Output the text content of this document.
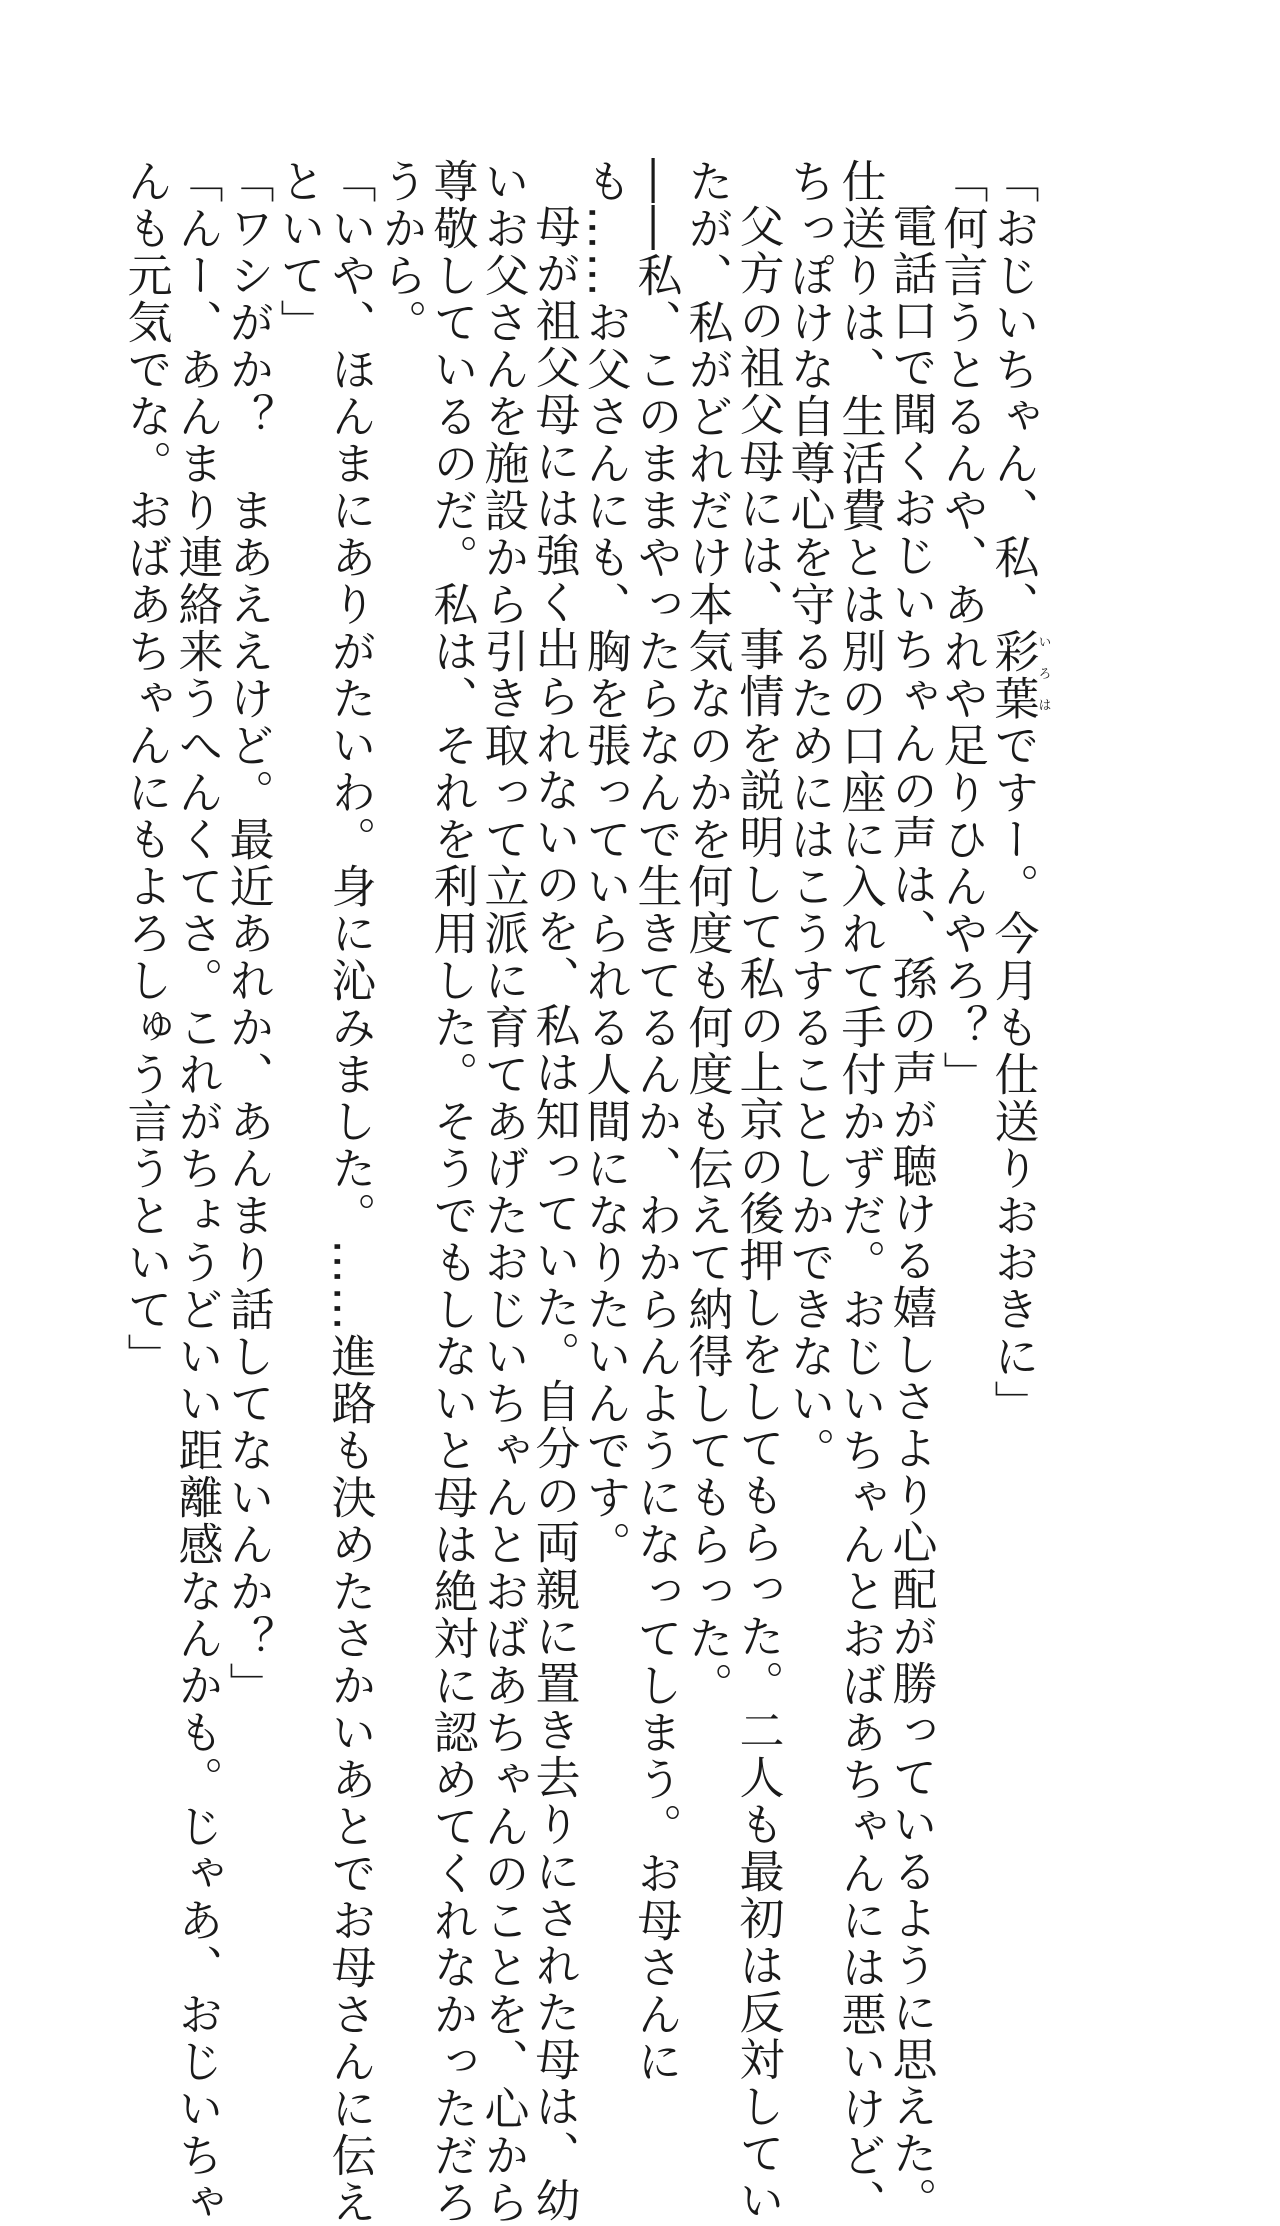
「おじいちゃん、私、彩葉いろはですー。今月も仕送りおおきに」
「何言うとるんや、あれや足りひんやろ？」
電話口で聞くおじいちゃんの声は、孫の声が聴ける嬉しさより心配が勝っているように思えた。
仕送りは、生活費とは別の口座に入れて手付かずだ。おじいちゃんとおばあちゃんには悪いけど、
ちっぽけな自尊心を守るためにはこうすることしかできない。
父方の祖父母には、事情を説明して私の上京の後押しをしてもらった。二人も最初は反対してい
たが、私がどれだけ本気なのかを何度も何度も伝えて納得してもらった。
――私、このままやったらなんで生きてるんか、わからんようになってしまう。お母さんに
も……お父さんにも、胸を張っていられる人間になりたいんです。
母が祖父母には強く出られないのを、私は知っていた。自分の両親に置き去りにされた母は、幼
いお父さんを施設から引き取って立派に育てあげたおじいちゃんとおばあちゃんのことを、心から
尊敬しているのだ。私は、それを利用した。そうでもしないと母は絶対に認めてくれなかっただろ
うから。
「いや、ほんまにありがたいわ。身に沁みました。……進路も決めたさかいあとでお母さんに伝え
といて」
「ワシがか？　まあええけど。最近あれか、あんまり話してないんか？」
「んー、あんまり連絡来うへんくてさ。これがちょうどいい距離感なんかも。じゃあ、おじいちゃ
んも元気でな。おばあちゃんにもよろしゅう言うといて」
